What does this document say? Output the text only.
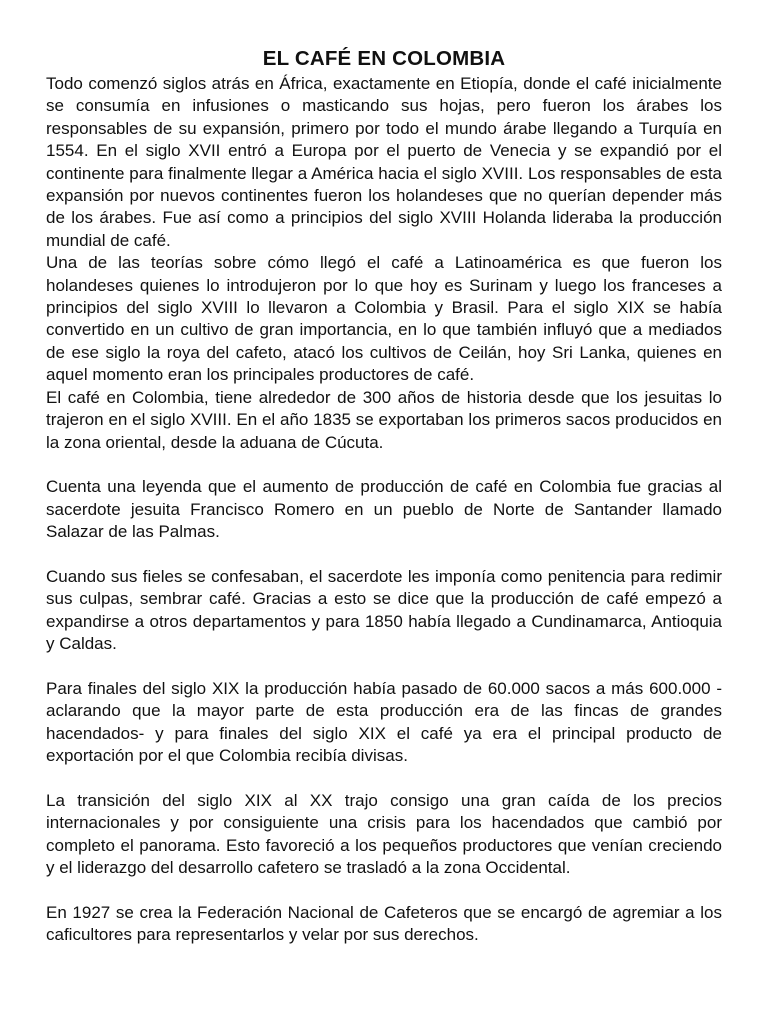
EL CAFÉ EN COLOMBIA

Todo comenzó siglos atrás en África, exactamente en Etiopía, donde el café inicialmente se consumía en infusiones o masticando sus hojas, pero fueron los árabes los responsables de su expansión, primero por todo el mundo árabe llegando a Turquía en 1554. En el siglo XVII entró a Europa por el puerto de Venecia y se expandió por el continente para finalmente llegar a América hacia el siglo XVIII. Los responsables de esta expansión por nuevos continentes fueron los holandeses que no querían depender más de los árabes. Fue así como a principios del siglo XVIII Holanda lideraba la producción mundial de café.

Una de las teorías sobre cómo llegó el café a Latinoamérica es que fueron los holandeses quienes lo introdujeron por lo que hoy es Surinam y luego los franceses a principios del siglo XVIII lo llevaron a Colombia y Brasil. Para el siglo XIX se había convertido en un cultivo de gran importancia, en lo que también influyó que a mediados de ese siglo la roya del cafeto, atacó los cultivos de Ceilán, hoy Sri Lanka, quienes en aquel momento eran los principales productores de café.

El café en Colombia, tiene alrededor de 300 años de historia desde que los jesuitas lo trajeron en el siglo XVIII. En el año 1835 se exportaban los primeros sacos producidos en la zona oriental, desde la aduana de Cúcuta.

Cuenta una leyenda que el aumento de producción de café en Colombia fue gracias al sacerdote jesuita Francisco Romero en un pueblo de Norte de Santander llamado Salazar de las Palmas.

Cuando sus fieles se confesaban, el sacerdote les imponía como penitencia para redimir sus culpas, sembrar café. Gracias a esto se dice que la producción de café empezó a expandirse a otros departamentos y para 1850 había llegado a Cundinamarca, Antioquia y Caldas.

Para finales del siglo XIX la producción había pasado de 60.000 sacos a más 600.000 -aclarando que la mayor parte de esta producción era de las fincas de grandes hacendados- y para finales del siglo XIX el café ya era el principal producto de exportación por el que Colombia recibía divisas.

La transición del siglo XIX al XX trajo consigo una gran caída de los precios internacionales y por consiguiente una crisis para los hacendados que cambió por completo el panorama. Esto favoreció a los pequeños productores que venían creciendo y el liderazgo del desarrollo cafetero se trasladó a la zona Occidental.

En 1927 se crea la Federación Nacional de Cafeteros que se encargó de agremiar a los caficultores para representarlos y velar por sus derechos.
